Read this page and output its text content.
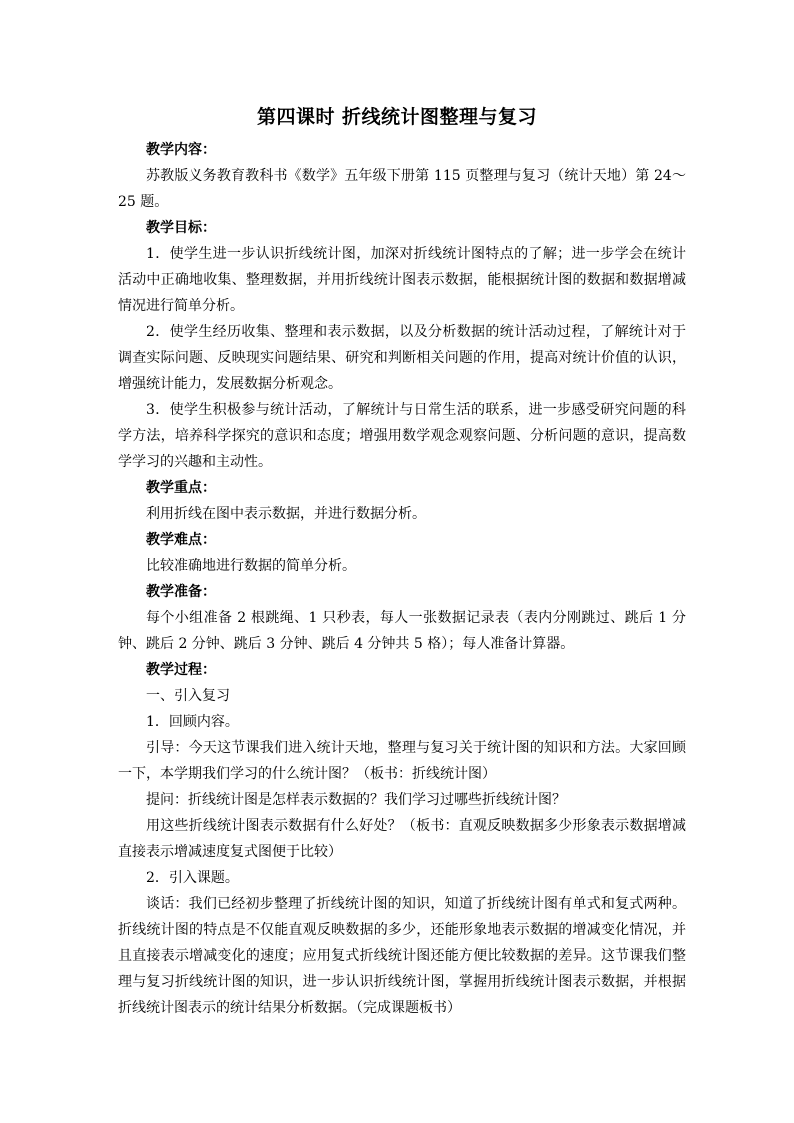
第四课时 折线统计图整理与复习

教学内容：

苏教版义务教育教科书《数学》五年级下册第 115 页整理与复习（统计天地）第 24～25 题。

教学目标：

1．使学生进一步认识折线统计图，加深对折线统计图特点的了解；进一步学会在统计活动中正确地收集、整理数据，并用折线统计图表示数据，能根据统计图的数据和数据增减情况进行简单分析。

2．使学生经历收集、整理和表示数据，以及分析数据的统计活动过程，了解统计对于调查实际问题、反映现实问题结果、研究和判断相关问题的作用，提高对统计价值的认识，增强统计能力，发展数据分析观念。

3．使学生积极参与统计活动，了解统计与日常生活的联系，进一步感受研究问题的科学方法，培养科学探究的意识和态度；增强用数学观念观察问题、分析问题的意识，提高数学学习的兴趣和主动性。

教学重点：

利用折线在图中表示数据，并进行数据分析。

教学难点：

比较准确地进行数据的简单分析。

教学准备：

每个小组准备 2 根跳绳、1 只秒表，每人一张数据记录表（表内分刚跳过、跳后 1 分钟、跳后 2 分钟、跳后 3 分钟、跳后 4 分钟共 5 格）；每人准备计算器。

教学过程：

一、引入复习

1．回顾内容。

引导：今天这节课我们进入统计天地，整理与复习关于统计图的知识和方法。大家回顾一下，本学期我们学习的什么统计图？（板书：折线统计图）

提问：折线统计图是怎样表示数据的？我们学习过哪些折线统计图？

用这些折线统计图表示数据有什么好处？（板书：直观反映数据多少形象表示数据增减直接表示增减速度复式图便于比较）

2．引入课题。

谈话：我们已经初步整理了折线统计图的知识，知道了折线统计图有单式和复式两种。折线统计图的特点是不仅能直观反映数据的多少，还能形象地表示数据的增减变化情况，并且直接表示增减变化的速度；应用复式折线统计图还能方便比较数据的差异。这节课我们整理与复习折线统计图的知识，进一步认识折线统计图，掌握用折线统计图表示数据，并根据折线统计图表示的统计结果分析数据。（完成课题板书）
